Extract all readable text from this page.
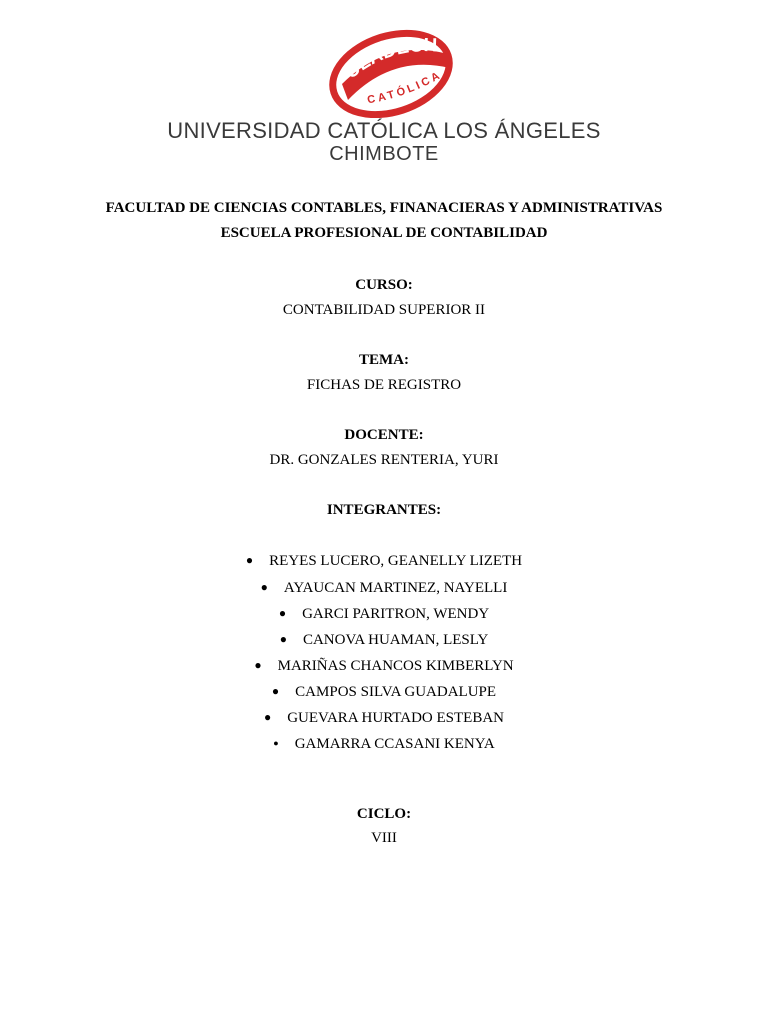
ULADECH
CATÓLICA
UNIVERSIDAD CATÓLICA LOS ÁNGELES
CHIMBOTE
FACULTAD DE CIENCIAS CONTABLES, FINANACIERAS Y ADMINISTRATIVAS
ESCUELA PROFESIONAL DE CONTABILIDAD
CURSO:
CONTABILIDAD SUPERIOR II
TEMA:
FICHAS DE REGISTRO
DOCENTE:
DR. GONZALES RENTERIA, YURI
INTEGRANTES:
● REYES LUCERO, GEANELLY LIZETH
● AYAUCAN MARTINEZ, NAYELLI
● GARCI PARITRON, WENDY
● CANOVA HUAMAN, LESLY
● MARIÑAS CHANCOS KIMBERLYN
● CAMPOS SILVA GUADALUPE
● GUEVARA HURTADO ESTEBAN
● GAMARRA CCASANI KENYA
CICLO:
VIII
